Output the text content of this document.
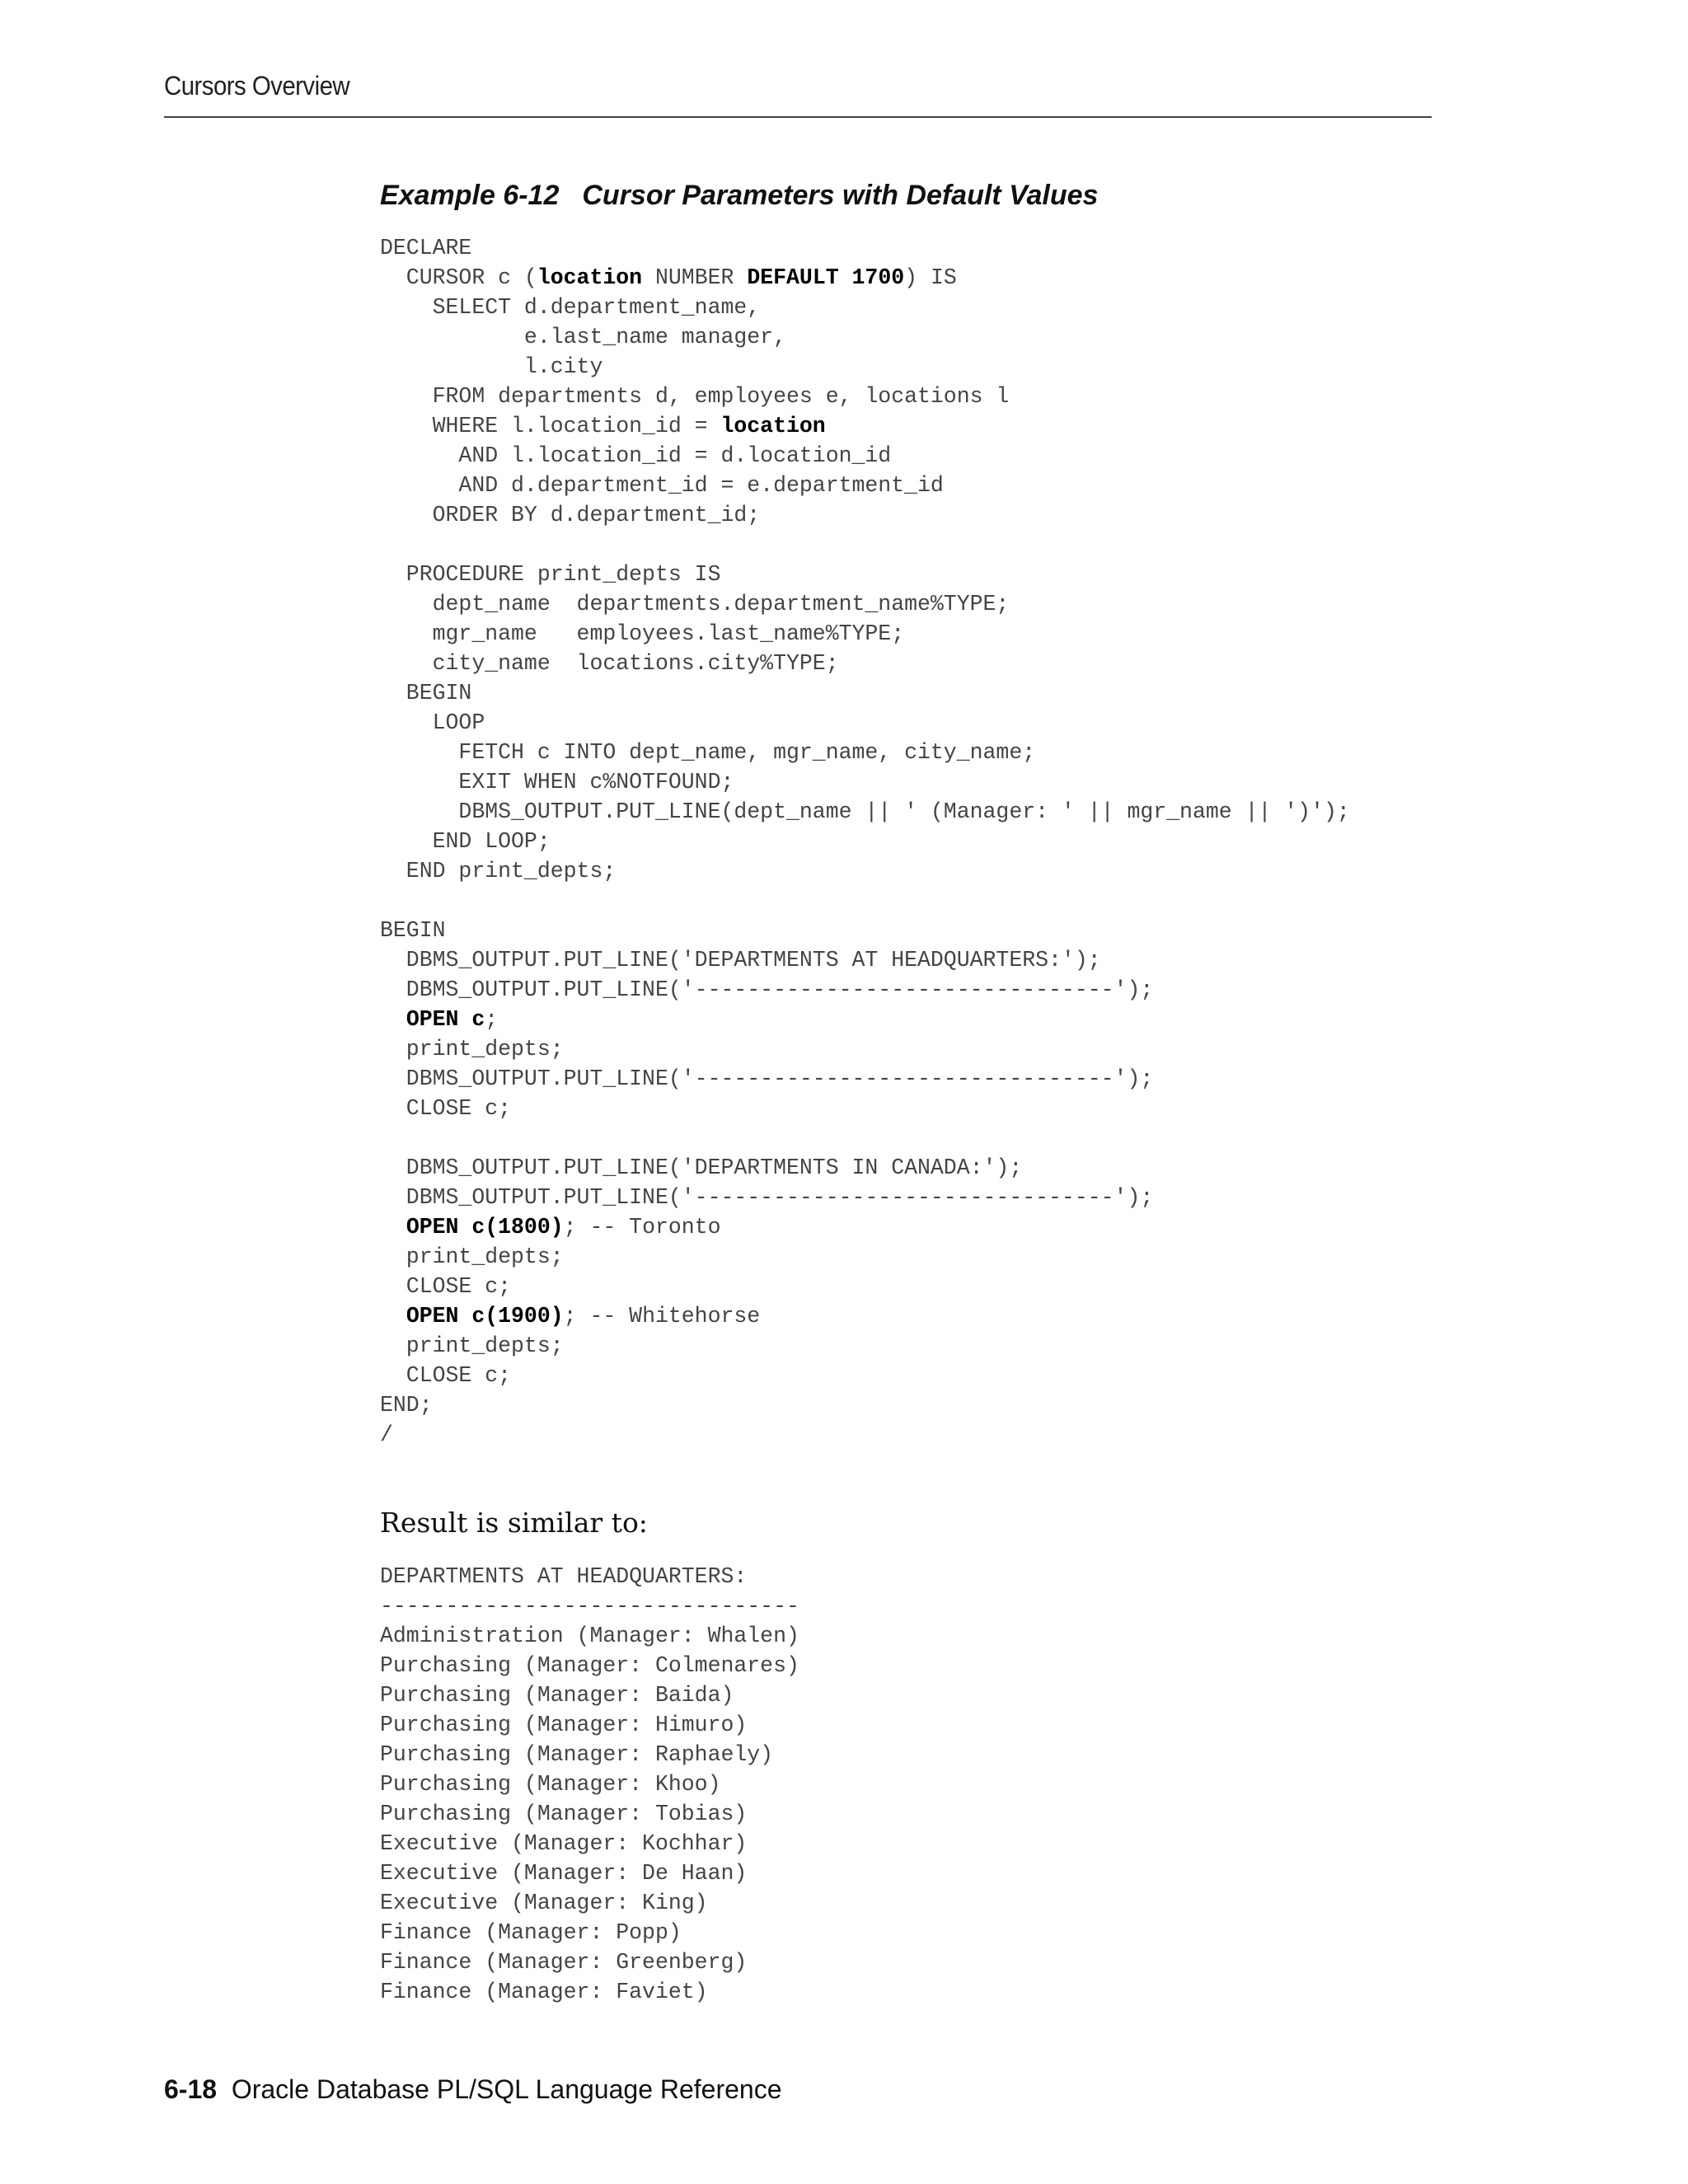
Cursors Overview
Example 6-12 Cursor Parameters with Default Values
DECLARE
CURSOR c (location NUMBER DEFAULT 1700) IS
SELECT d.department_name,
e.last_name manager,
l.city
FROM departments d, employees e, locations l
WHERE l.location_id = location
AND l.location_id = d.location_id
AND d.department_id = e.department_id
ORDER BY d.department_id;

PROCEDURE print_depts IS
dept_name  departments.department_name%TYPE;
mgr_name   employees.last_name%TYPE;
city_name  locations.city%TYPE;
BEGIN
LOOP
FETCH c INTO dept_name, mgr_name, city_name;
EXIT WHEN c%NOTFOUND;
DBMS_OUTPUT.PUT_LINE(dept_name || ' (Manager: ' || mgr_name || ')');
END LOOP;
END print_depts;

BEGIN
DBMS_OUTPUT.PUT_LINE('DEPARTMENTS AT HEADQUARTERS:');
DBMS_OUTPUT.PUT_LINE('--------------------------------');
OPEN c;
print_depts;
DBMS_OUTPUT.PUT_LINE('--------------------------------');
CLOSE c;

DBMS_OUTPUT.PUT_LINE('DEPARTMENTS IN CANADA:');
DBMS_OUTPUT.PUT_LINE('--------------------------------');
OPEN c(1800); -- Toronto
print_depts;
CLOSE c;
OPEN c(1900); -- Whitehorse
print_depts;
CLOSE c;
END;
/

Result is similar to:
DEPARTMENTS AT HEADQUARTERS:
--------------------------------
Administration (Manager: Whalen)
Purchasing (Manager: Colmenares)
Purchasing (Manager: Baida)
Purchasing (Manager: Himuro)
Purchasing (Manager: Raphaely)
Purchasing (Manager: Khoo)
Purchasing (Manager: Tobias)
Executive (Manager: Kochhar)
Executive (Manager: De Haan)
Executive (Manager: King)
Finance (Manager: Popp)
Finance (Manager: Greenberg)
Finance (Manager: Faviet)

6-18 Oracle Database PL/SQL Language Reference
